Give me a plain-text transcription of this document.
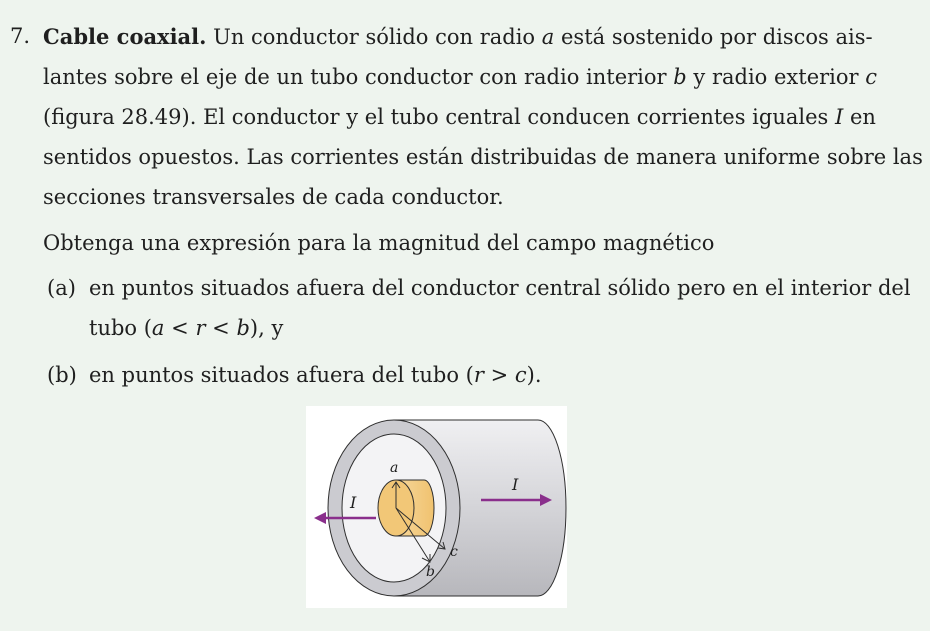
7. Cable coaxial. Un conductor sólido con radio a está sostenido por discos ais-
lantes sobre el eje de un tubo conductor con radio interior b y radio exterior c
(figura 28.49). El conductor y el tubo central conducen corrientes iguales I en
sentidos opuestos. Las corrientes están distribuidas de manera uniforme sobre las
secciones transversales de cada conductor.
Obtenga una expresión para la magnitud del campo magnético
(a) en puntos situados afuera del conductor central sólido pero en el interior del
tubo (a < r < b), y
(b) en puntos situados afuera del tubo (r > c).
a
b
c
I
I
